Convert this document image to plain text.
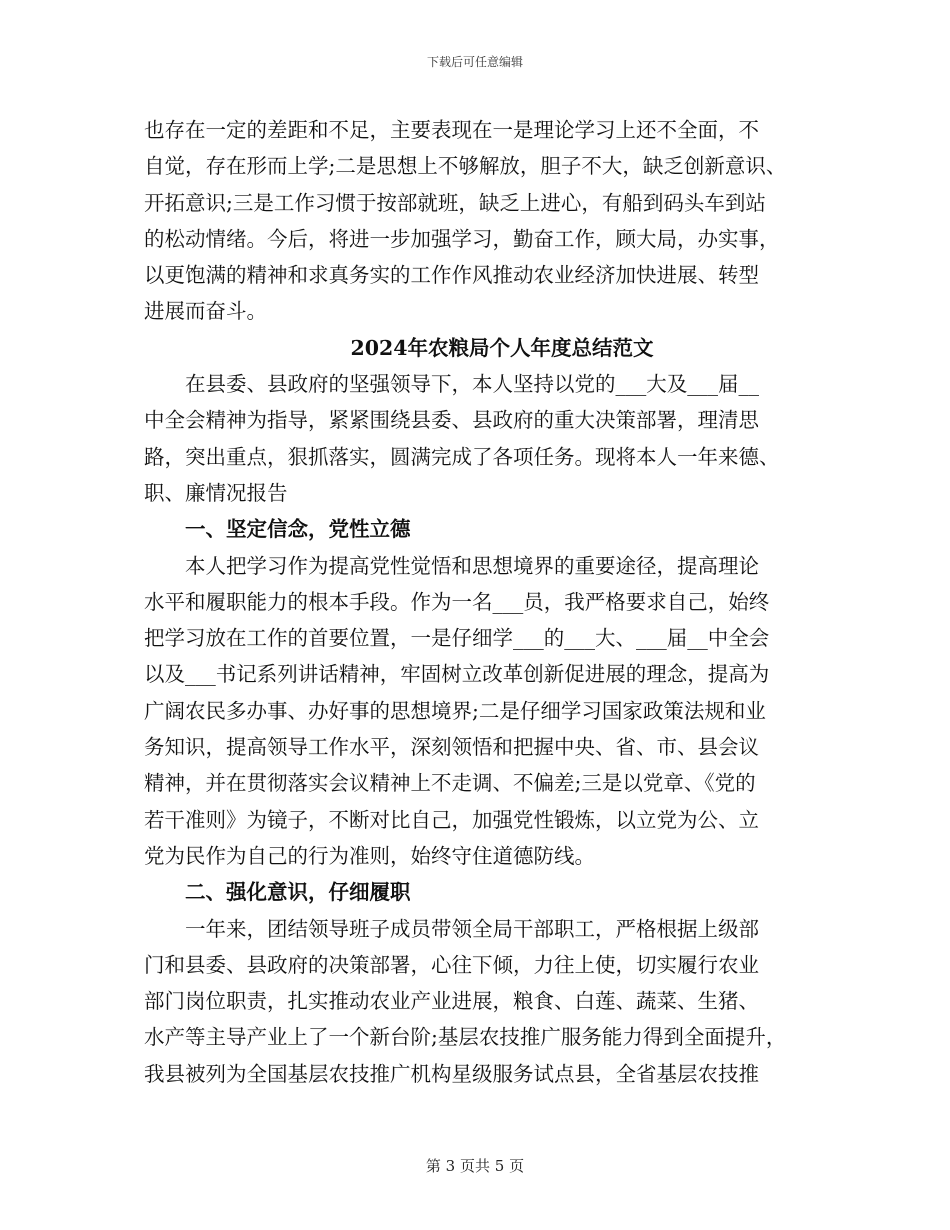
下载后可任意编辑
也存在一定的差距和不足，主要表现在一是理论学习上还不全面，不
自觉，存在形而上学;二是思想上不够解放，胆子不大，缺乏创新意识、
开拓意识;三是工作习惯于按部就班，缺乏上进心，有船到码头车到站
的松动情绪。今后，将进一步加强学习，勤奋工作，顾大局，办实事，
以更饱满的精神和求真务实的工作作风推动农业经济加快进展、转型
进展而奋斗。
2024年农粮局个人年度总结范文
在县委、县政府的坚强领导下，本人坚持以党的___大及___届__
中全会精神为指导，紧紧围绕县委、县政府的重大决策部署，理清思
路，突出重点，狠抓落实，圆满完成了各项任务。现将本人一年来德、
职、廉情况报告
一、坚定信念，党性立德
本人把学习作为提高党性觉悟和思想境界的重要途径，提高理论
水平和履职能力的根本手段。作为一名___员，我严格要求自己，始终
把学习放在工作的首要位置，一是仔细学___的___大、___届__中全会
以及___书记系列讲话精神，牢固树立改革创新促进展的理念，提高为
广阔农民多办事、办好事的思想境界;二是仔细学习国家政策法规和业
务知识，提高领导工作水平，深刻领悟和把握中央、省、市、县会议
精神，并在贯彻落实会议精神上不走调、不偏差;三是以党章、《党的
若干准则》为镜子，不断对比自己，加强党性锻炼，以立党为公、立
党为民作为自己的行为准则，始终守住道德防线。
二、强化意识，仔细履职
一年来，团结领导班子成员带领全局干部职工，严格根据上级部
门和县委、县政府的决策部署，心往下倾，力往上使，切实履行农业
部门岗位职责，扎实推动农业产业进展，粮食、白莲、蔬菜、生猪、
水产等主导产业上了一个新台阶;基层农技推广服务能力得到全面提升，
我县被列为全国基层农技推广机构星级服务试点县，全省基层农技推
第 3 页共 5 页
